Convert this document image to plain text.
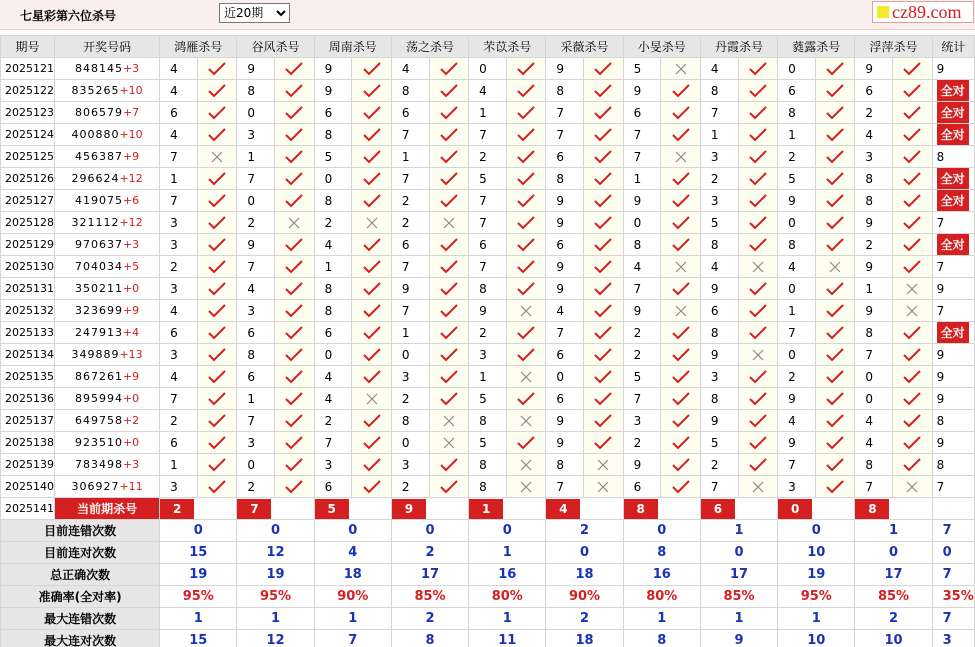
七星彩第六位杀号
近20期	cz89.com
期号	开奖号码	鸿雁杀号		谷风杀号		周南杀号		荡之杀号		芣苡杀号		采薇杀号		小旻杀号		丹霞杀号		蕤露杀号		浮萍杀号		统计
2025121	848145+3	4		9		9		4		0		9		5		4		0		9		9
2025122	835265+10	4		8		9		8		4		8		9		8		6		6		全对
2025123	806579+7	6		0		6		6		1		7		6		7		8		2		全对
2025124	400880+10	4		3		8		7		7		7		7		1		1		4		全对
2025125	456387+9	7		1		5		1		2		6		7		3		2		3		8
2025126	296624+12	1		7		0		7		5		8		1		2		5		8		全对
2025127	419075+6	7		0		8		2		7		9		9		3		9		8		全对
2025128	321112+12	3		2		2		2		7		9		0		5		0		9		7
2025129	970637+3	3		9		4		6		6		6		8		8		8		2		全对
2025130	704034+5	2		7		1		7		7		9		4		4		4		9		7
2025131	350211+0	3		4		8		9		8		9		7		9		0		1		9
2025132	323699+9	4		3		8		7		9		4		9		6		1		9		7
2025133	247913+4	6		6		6		1		2		7		2		8		7		8		全对
2025134	349889+13	3		8		0		0		3		6		2		9		0		7		9
2025135	867261+9	4		6		4		3		1		0		5		3		2		0		9
2025136	895994+0	7		1		4		2		5		6		7		8		9		0		9
2025137	649758+2	2		7		2		8		8		9		3		9		4		4		8
2025138	923510+0	6		3		7		0		5		9		2		5		9		4		9
2025139	783498+3	1		0		3		3		8		8		9		2		7		8		8
2025140	306927+11	3		2		6		2		8		7		6		7		3		7		7
2025141	当前期杀号	2		7		5		9		1		4		8		6		0		8		
目前连错次数		0		0		0		0		0		2		0		1		0		1		7
目前连对次数		15		12		4		2		1		0		8		0		10		0		0
总正确次数		19		19		18		17		16		18		16		17		19		17		7
准确率(全对率)		95%		95%		90%		85%		80%		90%		80%		85%		95%		85%		35%
最大连错次数		1		1		1		2		1		2		1		1		1		2		7
最大连对次数		15		12		7		8		11		18		8		9		10		10		3
